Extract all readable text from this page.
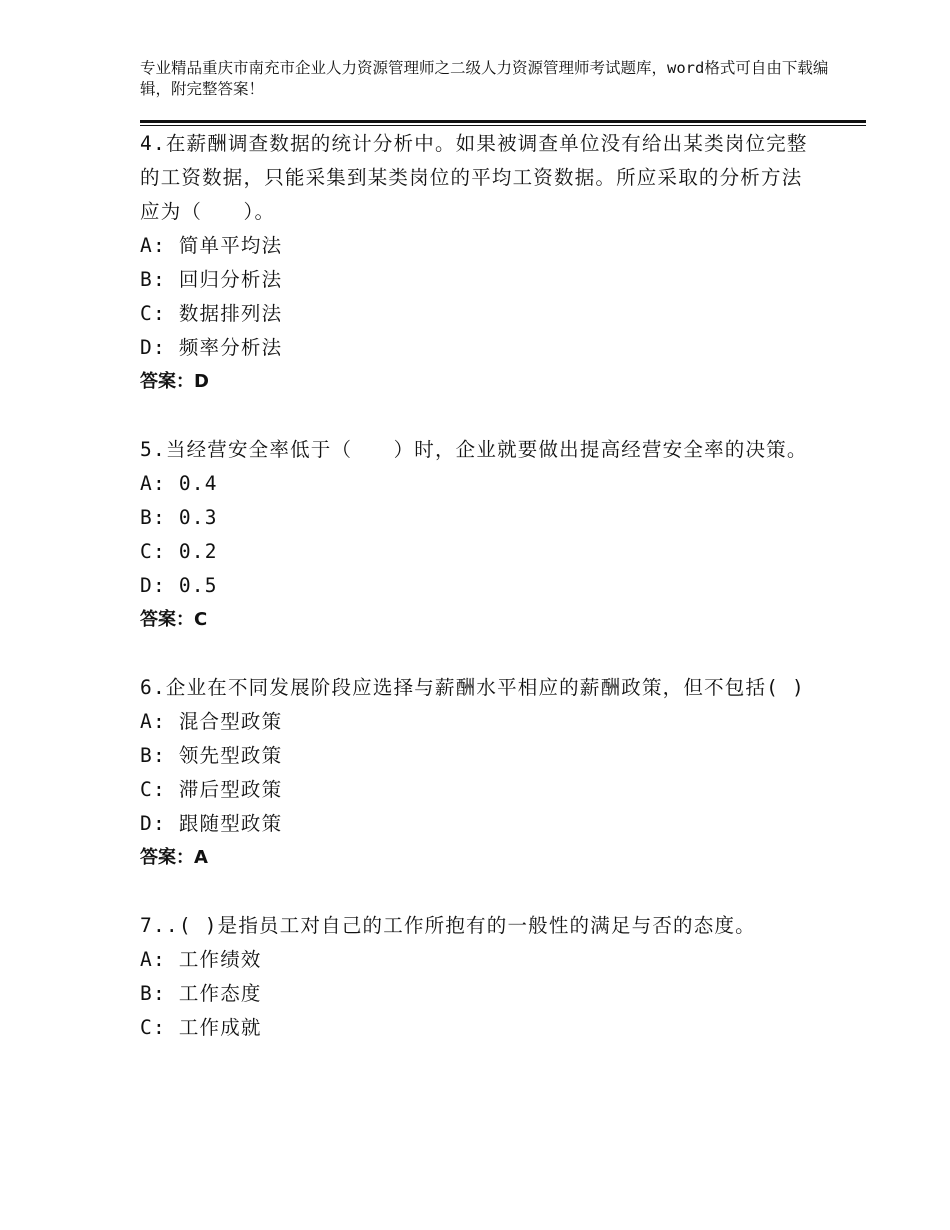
专业精品重庆市南充市企业人力资源管理师之二级人力资源管理师考试题库，word格式可自由下载编辑，附完整答案！

4.在薪酬调查数据的统计分析中。如果被调查单位没有给出某类岗位完整的工资数据，只能采集到某类岗位的平均工资数据。所应采取的分析方法应为（　　）。

A: 简单平均法

B: 回归分析法

C: 数据排列法

D: 频率分析法

答案：D

5.当经营安全率低于（　　）时，企业就要做出提高经营安全率的决策。

A: 0.4

B: 0.3

C: 0.2

D: 0.5

答案：C

6.企业在不同发展阶段应选择与薪酬水平相应的薪酬政策，但不包括( )

A: 混合型政策

B: 领先型政策

C: 滞后型政策

D: 跟随型政策

答案：A

7..( )是指员工对自己的工作所抱有的一般性的满足与否的态度。

A: 工作绩效

B: 工作态度

C: 工作成就
